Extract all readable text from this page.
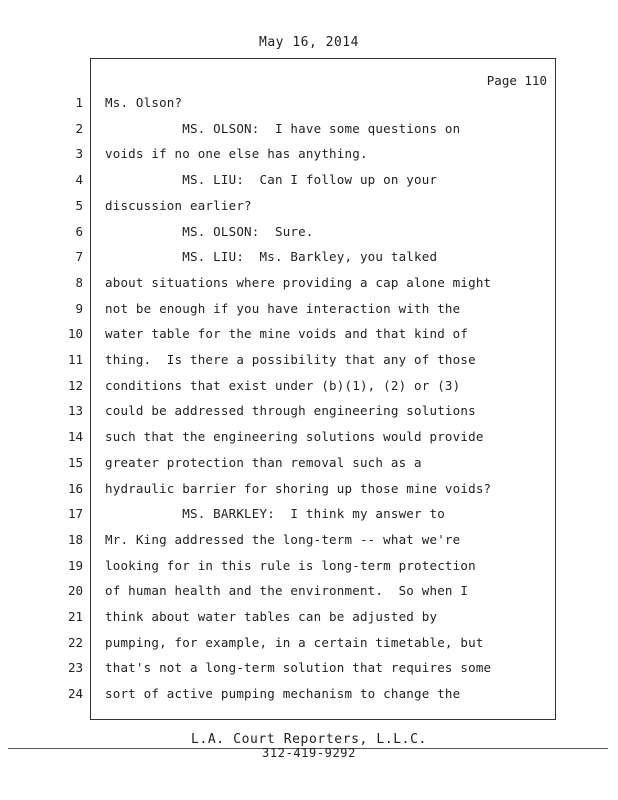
May 16, 2014
Page 110
1 Ms. Olson?
2 MS. OLSON:  I have some questions on
3 voids if no one else has anything.
4 MS. LIU:  Can I follow up on your
5 discussion earlier?
6 MS. OLSON:  Sure.
7 MS. LIU:  Ms. Barkley, you talked
8 about situations where providing a cap alone might
9 not be enough if you have interaction with the
10 water table for the mine voids and that kind of
11 thing.  Is there a possibility that any of those
12 conditions that exist under (b)(1), (2) or (3)
13 could be addressed through engineering solutions
14 such that the engineering solutions would provide
15 greater protection than removal such as a
16 hydraulic barrier for shoring up those mine voids?
17 MS. BARKLEY:  I think my answer to
18 Mr. King addressed the long-term -- what we're
19 looking for in this rule is long-term protection
20 of human health and the environment.  So when I
21 think about water tables can be adjusted by
22 pumping, for example, in a certain timetable, but
23 that's not a long-term solution that requires some
24 sort of active pumping mechanism to change the
L.A. Court Reporters, L.L.C.
312-419-9292
